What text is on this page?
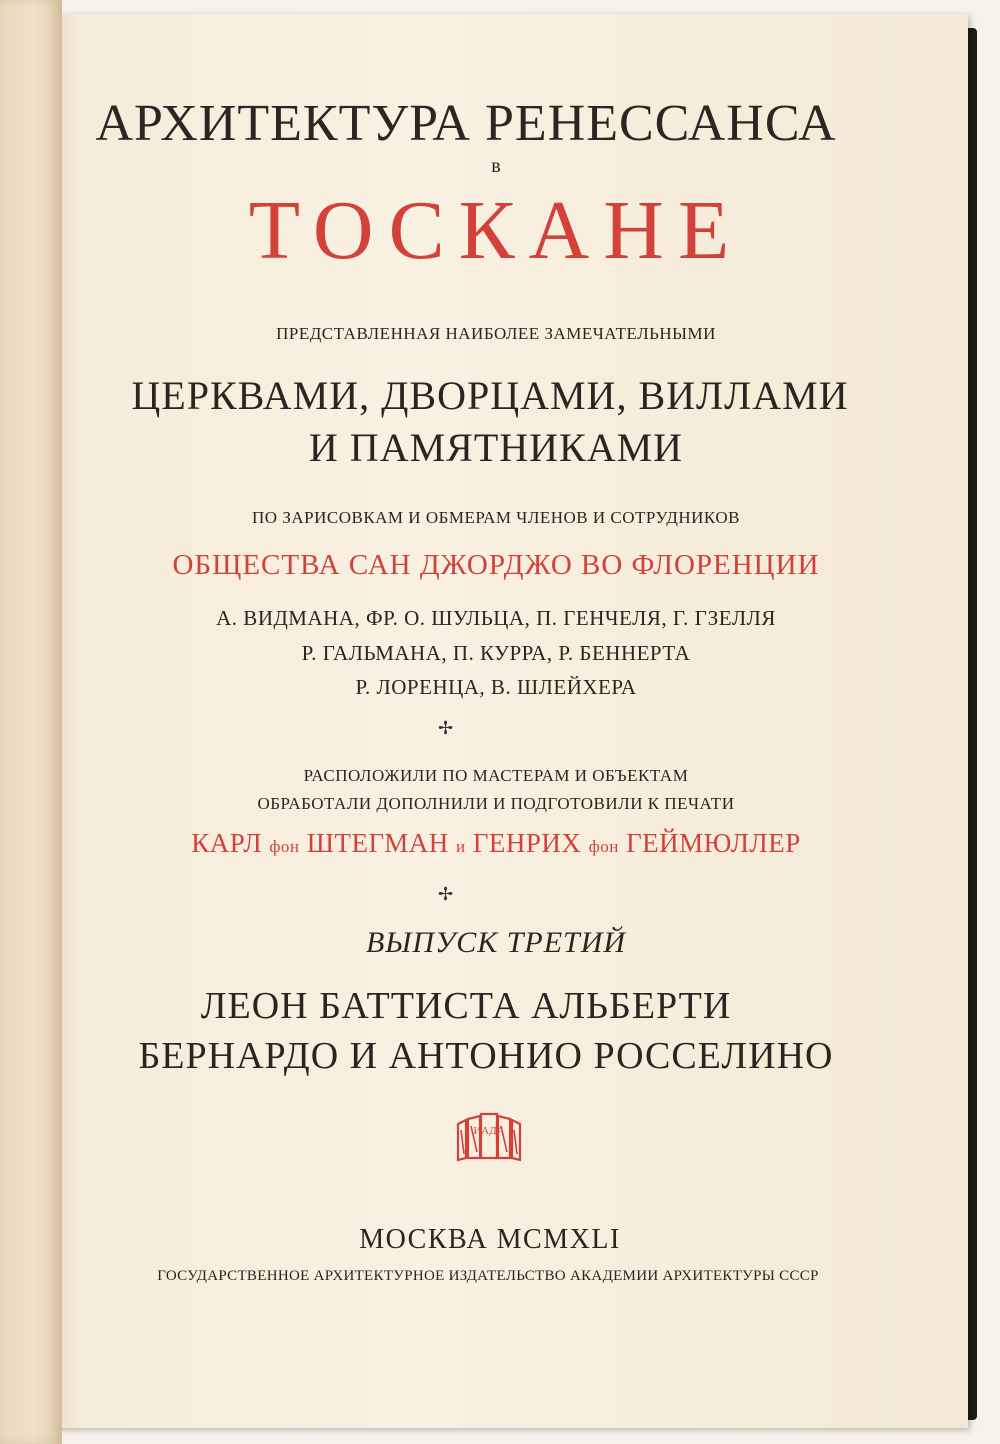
АРХИТЕКТУРА РЕНЕССАНСА

в

ТОСКАНЕ

ПРЕДСТАВЛЕННАЯ НАИБОЛЕЕ ЗАМЕЧАТЕЛЬНЫМИ

ЦЕРКВАМИ, ДВОРЦАМИ, ВИЛЛАМИ

И ПАМЯТНИКАМИ

ПО ЗАРИСОВКАМ И ОБМЕРАМ ЧЛЕНОВ И СОТРУДНИКОВ

ОБЩЕСТВА САН ДЖОРДЖО ВО ФЛОРЕНЦИИ

А. ВИДМАНА, ФР. О. ШУЛЬЦА, П. ГЕНЧЕЛЯ, Г. ГЗЕЛЛЯ

Р. ГАЛЬМАНА, П. КУРРА, Р. БЕННЕРТА

Р. ЛОРЕНЦА, В. ШЛЕЙХЕРА

✢

РАСПОЛОЖИЛИ ПО МАСТЕРАМ И ОБЪЕКТАМ

ОБРАБОТАЛИ ДОПОЛНИЛИ И ПОДГОТОВИЛИ К ПЕЧАТИ

КАРЛ фон ШТЕГМАН и ГЕНРИХ фон ГЕЙМЮЛЛЕР

✢

ВЫПУСК ТРЕТИЙ

ЛЕОН БАТТИСТА АЛЬБЕРТИ

БЕРНАРДО И АНТОНИО РОССЕЛИНО

ИАДА

МОСКВА MCMXLI

ГОСУДАРСТВЕННОЕ АРХИТЕКТУРНОЕ ИЗДАТЕЛЬСТВО АКАДЕМИИ АРХИТЕКТУРЫ СССР
